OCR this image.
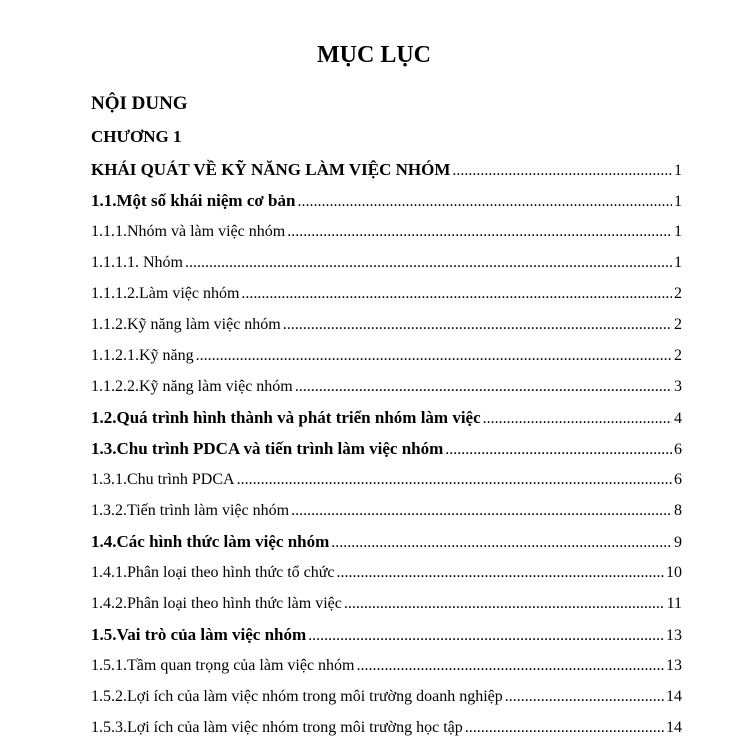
MỤC LỤC
NỘI DUNG
CHƯƠNG 1
KHÁI QUÁT VỀ KỸ NĂNG LÀM VIỆC NHÓM .....	1
1.1.Một số khái niệm cơ bản .....	1
1.1.1.Nhóm và làm việc nhóm .....	1
1.1.1.1. Nhóm .....	1
1.1.1.2.Làm việc nhóm .....	2
1.1.2.Kỹ năng làm việc nhóm .....	2
1.1.2.1.Kỹ năng .....	2
1.1.2.2.Kỹ năng làm việc nhóm .....	3
1.2.Quá trình hình thành và phát triển nhóm làm việc .....	4
1.3.Chu trình PDCA và tiến trình làm việc nhóm .....	6
1.3.1.Chu trình PDCA .....	6
1.3.2.Tiến trình làm việc nhóm .....	8
1.4.Các hình thức làm việc nhóm .....	9
1.4.1.Phân loại theo hình thức tổ chức .....	10
1.4.2.Phân loại theo hình thức làm việc .....	11
1.5.Vai trò của làm việc nhóm .....	13
1.5.1.Tầm quan trọng của làm việc nhóm .....	13
1.5.2.Lợi ích của làm việc nhóm trong môi trường doanh nghiệp .....	14
1.5.3.Lợi ích của làm việc nhóm trong môi trường học tập .....	14
